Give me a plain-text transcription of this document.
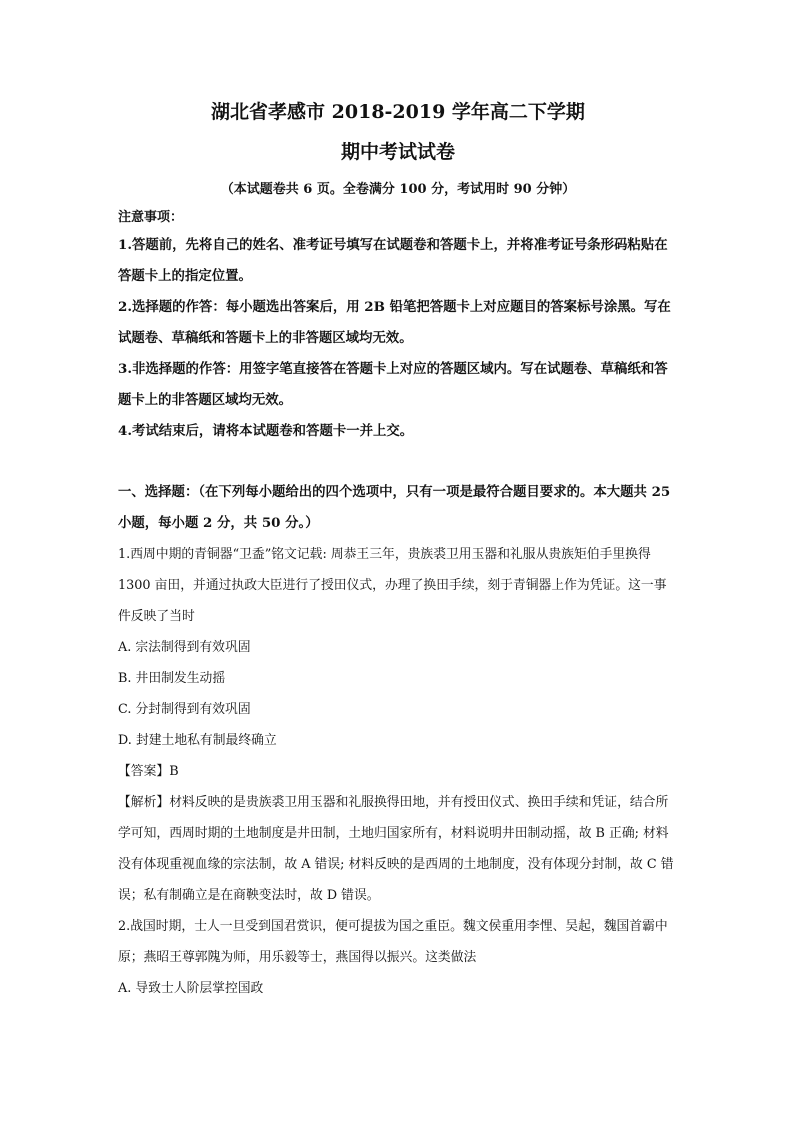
湖北省孝感市 2018-2019 学年高二下学期
期中考试试卷
（本试题卷共 6 页。全卷满分 100 分，考试用时 90 分钟）
注意事项：

1.答题前，先将自己的姓名、准考证号填写在试题卷和答题卡上，并将准考证号条形码粘贴在答题卡上的指定位置。

2.选择题的作答：每小题选出答案后，用 2B 铅笔把答题卡上对应题目的答案标号涂黑。写在试题卷、草稿纸和答题卡上的非答题区域均无效。

3.非选择题的作答：用签字笔直接答在答题卡上对应的答题区域内。写在试题卷、草稿纸和答题卡上的非答题区域均无效。

4.考试结束后，请将本试题卷和答题卡一并上交。

一、选择题：（在下列每小题给出的四个选项中，只有一项是最符合题目要求的。本大题共 25 小题，每小题 2 分，共 50 分。）

1.西周中期的青铜器“卫盉”铭文记载: 周恭王三年，贵族裘卫用玉器和礼服从贵族矩伯手里换得 1300 亩田，并通过执政大臣进行了授田仪式，办理了换田手续，刻于青铜器上作为凭证。这一事件反映了当时

A. 宗法制得到有效巩固

B. 井田制发生动摇

C. 分封制得到有效巩固

D. 封建土地私有制最终确立

【答案】B

【解析】材料反映的是贵族裘卫用玉器和礼服换得田地，并有授田仪式、换田手续和凭证，结合所学可知，西周时期的土地制度是井田制，土地归国家所有，材料说明井田制动摇，故 B 正确; 材料没有体现重视血缘的宗法制，故 A 错误; 材料反映的是西周的土地制度，没有体现分封制，故 C 错误；私有制确立是在商鞅变法时，故 D 错误。

2.战国时期，士人一旦受到国君赏识，便可提拔为国之重臣。魏文侯重用李悝、吴起，魏国首霸中原；燕昭王尊郭隗为师，用乐毅等士，燕国得以振兴。这类做法

A. 导致士人阶层掌控国政
